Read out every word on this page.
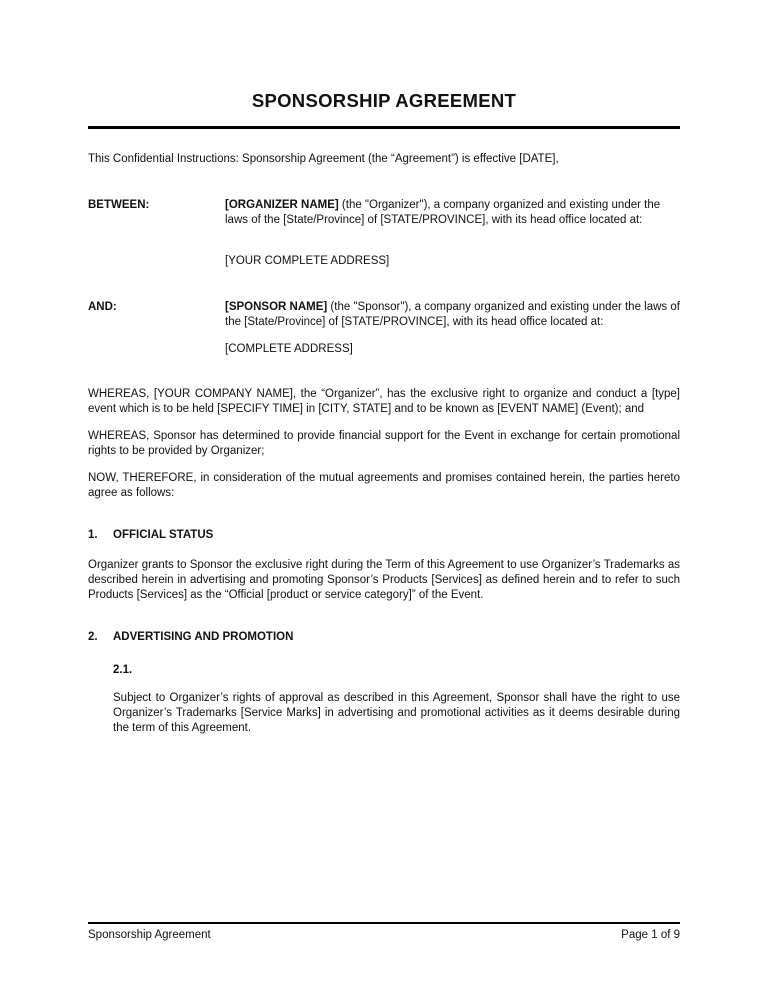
SPONSORSHIP AGREEMENT

This Confidential Instructions: Sponsorship Agreement (the “Agreement”) is effective [DATE],

BETWEEN:	[ORGANIZER NAME] (the "Organizer"), a company organized and existing under the laws of the [State/Province] of [STATE/PROVINCE], with its head office located at:

[YOUR COMPLETE ADDRESS]

AND:	[SPONSOR NAME] (the "Sponsor"), a company organized and existing under the laws of the [State/Province] of [STATE/PROVINCE], with its head office located at:

[COMPLETE ADDRESS]

WHEREAS, [YOUR COMPANY NAME], the “Organizer”, has the exclusive right to organize and conduct a [type] event which is to be held [SPECIFY TIME] in [CITY, STATE] and to be known as [EVENT NAME] (Event); and

WHEREAS, Sponsor has determined to provide financial support for the Event in exchange for certain promotional rights to be provided by Organizer;

NOW, THEREFORE, in consideration of the mutual agreements and promises contained herein, the parties hereto agree as follows:

1.	OFFICIAL STATUS

Organizer grants to Sponsor the exclusive right during the Term of this Agreement to use Organizer’s Trademarks as described herein in advertising and promoting Sponsor’s Products [Services] as defined herein and to refer to such Products [Services] as the “Official [product or service category]” of the Event.

2.	ADVERTISING AND PROMOTION

2.1.

Subject to Organizer’s rights of approval as described in this Agreement, Sponsor shall have the right to use Organizer’s Trademarks [Service Marks] in advertising and promotional activities as it deems desirable during the term of this Agreement.

Sponsorship Agreement	Page 1 of 9
